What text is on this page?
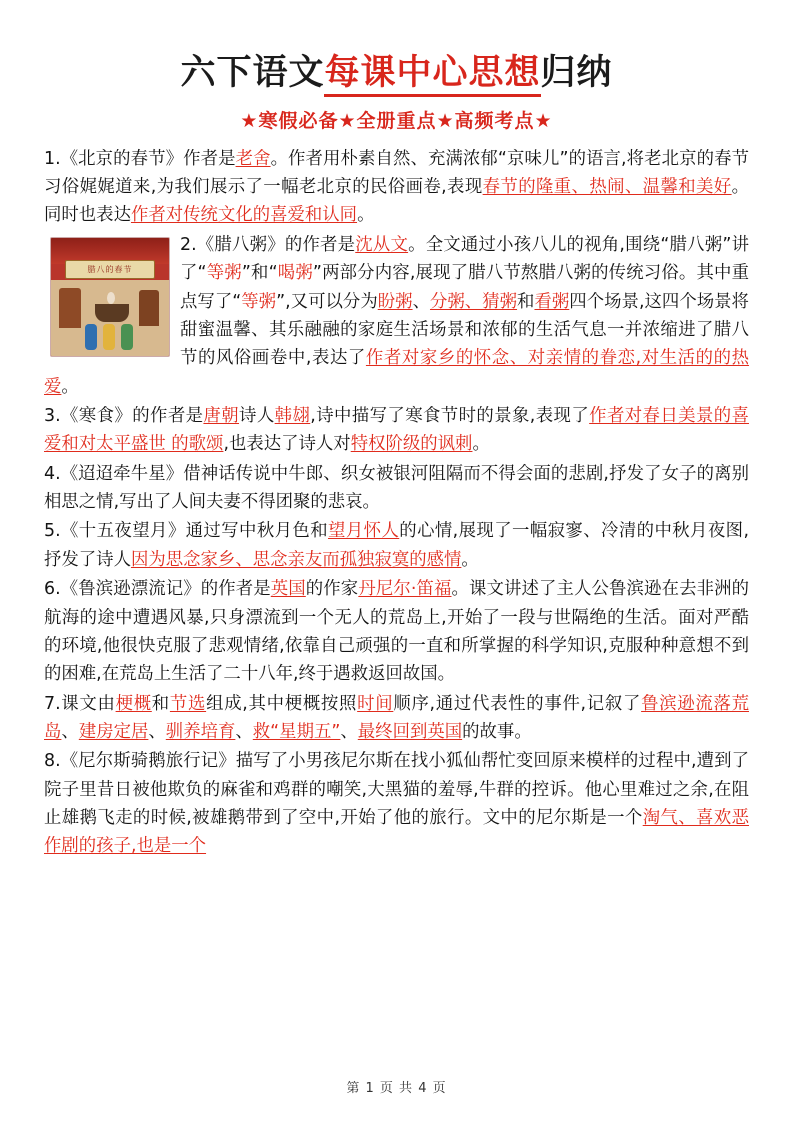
六下语文每课中心思想归纳
★寒假必备★全册重点★高频考点★

1.《北京的春节》作者是老舍。作者用朴素自然、充满浓郁“京味儿”的语言,将老北京的春节习俗娓娓道来,为我们展示了一幅老北京的民俗画卷,表现春节的隆重、热闹、温馨和美好。同时也表达作者对传统文化的喜爱和认同。

腊八的春节

2.《腊八粥》的作者是沈从文。全文通过小孩八儿的视角,围绕“腊八粥”讲了“等粥”和“喝粥”两部分内容,展现了腊八节熬腊八粥的传统习俗。其中重点写了“等粥”,又可以分为盼粥、分粥、猜粥和看粥四个场景,这四个场景将甜蜜温馨、其乐融融的家庭生活场景和浓郁的生活气息一并浓缩进了腊八节的风俗画卷中,表达了作者对家乡的怀念、对亲情的眷恋,对生活的的热爱。

3.《寒食》的作者是唐朝诗人韩翃,诗中描写了寒食节时的景象,表现了作者对春日美景的喜爱和对太平盛世 的歌颂,也表达了诗人对特权阶级的讽刺。

4.《迢迢牵牛星》借神话传说中牛郎、织女被银河阻隔而不得会面的悲剧,抒发了女子的离别相思之情,写出了人间夫妻不得团聚的悲哀。

5.《十五夜望月》通过写中秋月色和望月怀人的心情,展现了一幅寂寥、冷清的中秋月夜图,抒发了诗人因为思念家乡、思念亲友而孤独寂寞的感情。

6.《鲁滨逊漂流记》的作者是英国的作家丹尼尔·笛福。课文讲述了主人公鲁滨逊在去非洲的航海的途中遭遇风暴,只身漂流到一个无人的荒岛上,开始了一段与世隔绝的生活。面对严酷的环境,他很快克服了悲观情绪,依靠自己顽强的一直和所掌握的科学知识,克服种种意想不到的困难,在荒岛上生活了二十八年,终于遇救返回故国。

7.课文由梗概和节选组成,其中梗概按照时间顺序,通过代表性的事件,记叙了鲁滨逊流落荒岛、建房定居、驯养培育、救“星期五”、最终回到英国的故事。

8.《尼尔斯骑鹅旅行记》描写了小男孩尼尔斯在找小狐仙帮忙变回原来模样的过程中,遭到了院子里昔日被他欺负的麻雀和鸡群的嘲笑,大黑猫的羞辱,牛群的控诉。他心里难过之余,在阻止雄鹅飞走的时候,被雄鹅带到了空中,开始了他的旅行。文中的尼尔斯是一个淘气、喜欢恶作剧的孩子,也是一个

第 1 页 共 4 页
